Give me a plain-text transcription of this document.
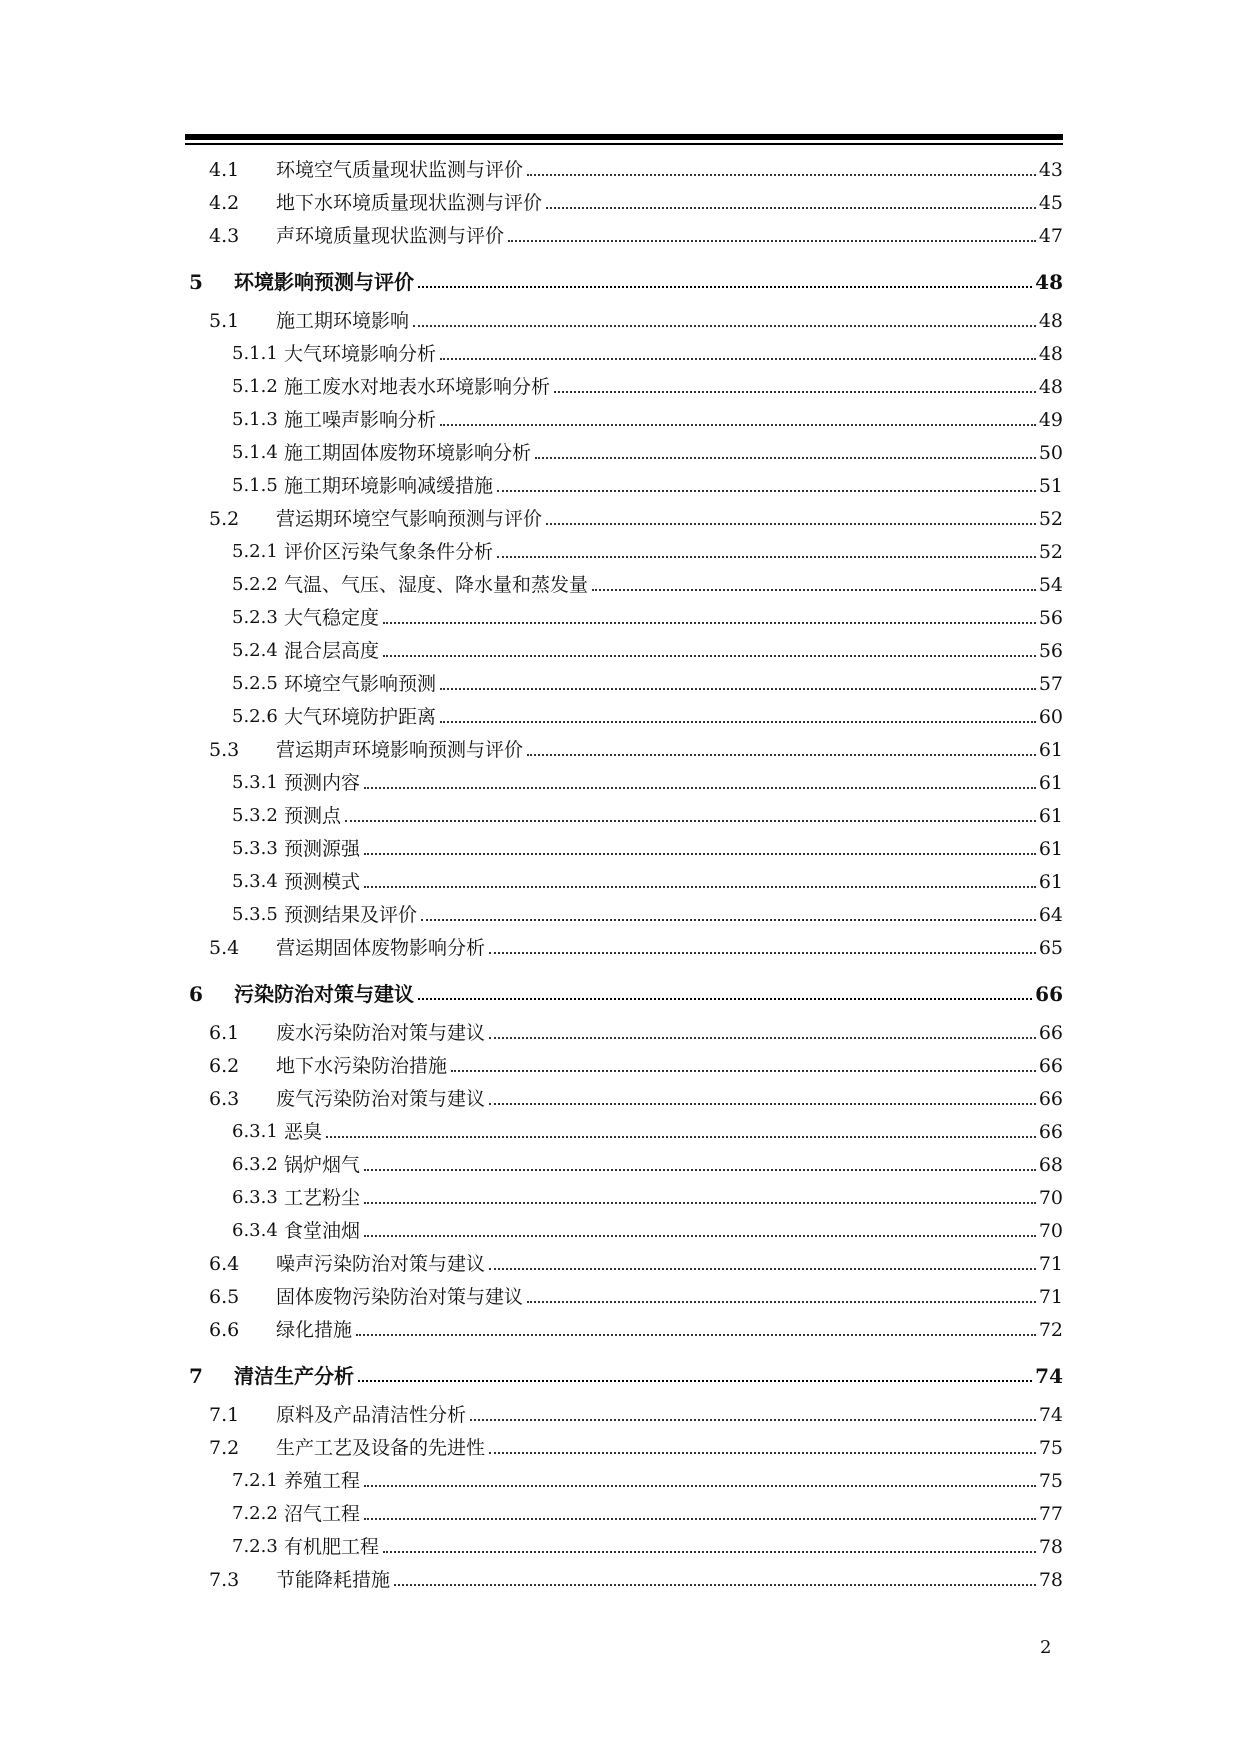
4.1	环境空气质量现状监测与评价	43
4.2	地下水环境质量现状监测与评价	45
4.3	声环境质量现状监测与评价	47
5	环境影响预测与评价	48
5.1	施工期环境影响	48
5.1.1 大气环境影响分析	48
5.1.2 施工废水对地表水环境影响分析	48
5.1.3 施工噪声影响分析	49
5.1.4 施工期固体废物环境影响分析	50
5.1.5 施工期环境影响减缓措施	51
5.2	营运期环境空气影响预测与评价	52
5.2.1 评价区污染气象条件分析	52
5.2.2 气温、气压、湿度、降水量和蒸发量	54
5.2.3 大气稳定度	56
5.2.4 混合层高度	56
5.2.5 环境空气影响预测	57
5.2.6 大气环境防护距离	60
5.3	营运期声环境影响预测与评价	61
5.3.1 预测内容	61
5.3.2 预测点	61
5.3.3 预测源强	61
5.3.4 预测模式	61
5.3.5 预测结果及评价	64
5.4	营运期固体废物影响分析	65
6	污染防治对策与建议	66
6.1	废水污染防治对策与建议	66
6.2	地下水污染防治措施	66
6.3	废气污染防治对策与建议	66
6.3.1 恶臭	66
6.3.2 锅炉烟气	68
6.3.3 工艺粉尘	70
6.3.4 食堂油烟	70
6.4	噪声污染防治对策与建议	71
6.5	固体废物污染防治对策与建议	71
6.6	绿化措施	72
7	清洁生产分析	74
7.1	原料及产品清洁性分析	74
7.2	生产工艺及设备的先进性	75
7.2.1 养殖工程	75
7.2.2 沼气工程	77
7.2.3 有机肥工程	78
7.3	节能降耗措施	78
2
